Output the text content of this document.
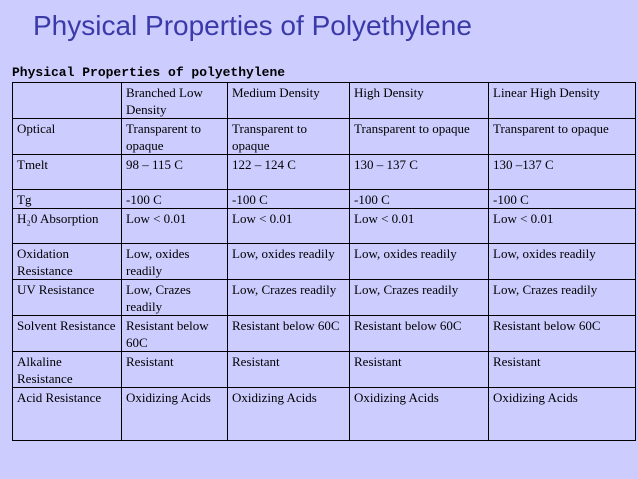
Physical Properties of Polyethylene
Physical Properties of polyethylene
	Branched Low Density	Medium Density	High Density	Linear High Density
Optical	Transparent to opaque	Transparent to opaque	Transparent to opaque	Transparent to opaque
Tmelt	98 – 115 C	122 – 124 C	130 – 137 C	130 –137 C
Tg	-100 C	-100 C	-100 C	-100 C
H₂0 Absorption	Low < 0.01	Low < 0.01	Low < 0.01	Low < 0.01
Oxidation Resistance	Low, oxides readily	Low, oxides readily	Low, oxides readily	Low, oxides readily
UV Resistance	Low, Crazes readily	Low, Crazes readily	Low, Crazes readily	Low, Crazes readily
Solvent Resistance	Resistant below 60C	Resistant below 60C	Resistant below 60C	Resistant below 60C
Alkaline Resistance	Resistant	Resistant	Resistant	Resistant
Acid Resistance	Oxidizing Acids	Oxidizing Acids	Oxidizing Acids	Oxidizing Acids
